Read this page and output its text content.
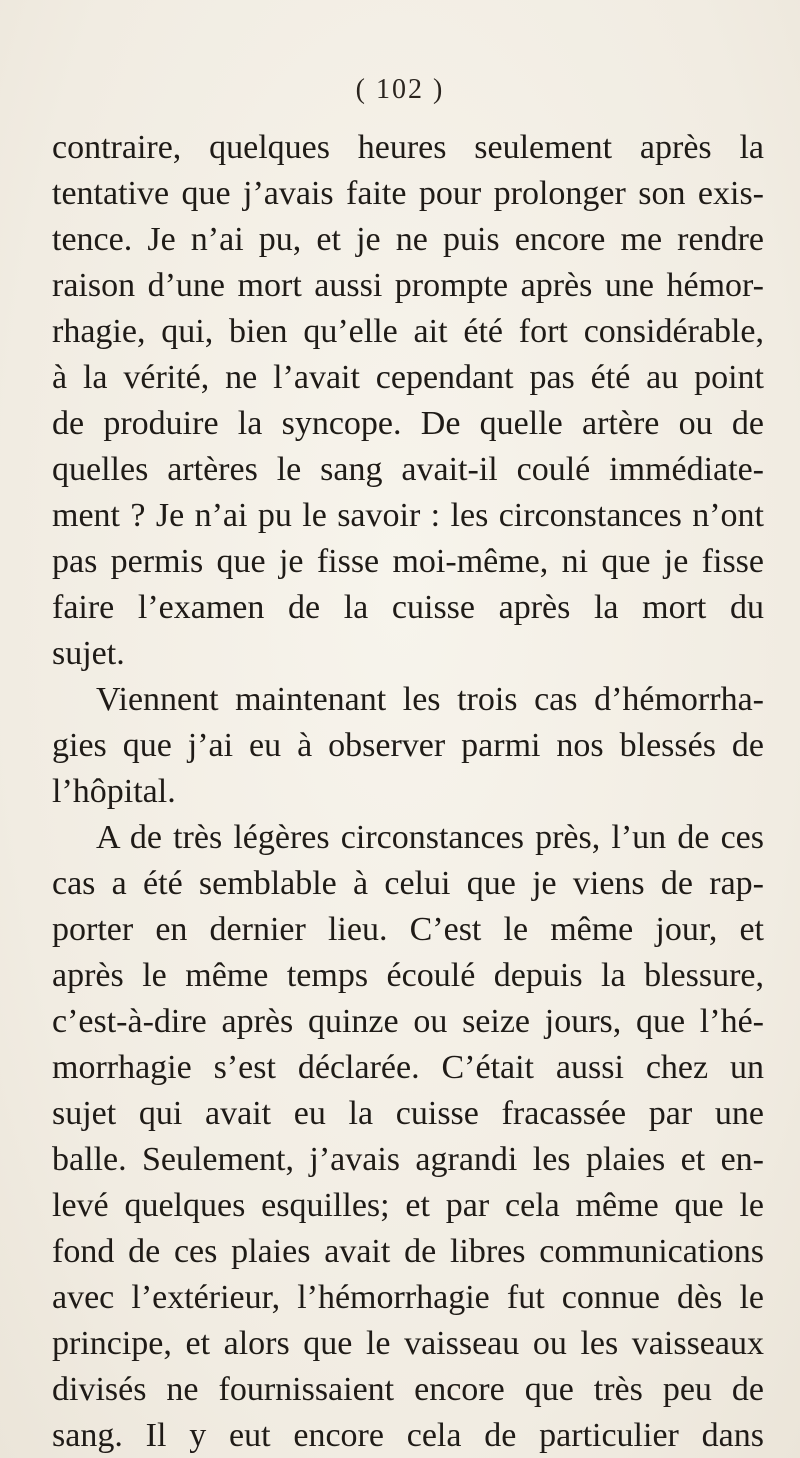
( 102 )
contraire, quelques heures seulement après la
tentative que j’avais faite pour prolonger son exis-
tence. Je n’ai pu, et je ne puis encore me rendre
raison d’une mort aussi prompte après une hémor-
rhagie, qui, bien qu’elle ait été fort considérable,
à la vérité, ne l’avait cependant pas été au point
de produire la syncope. De quelle artère ou de
quelles artères le sang avait-il coulé immédiate-
ment ? Je n’ai pu le savoir : les circonstances n’ont
pas permis que je fisse moi-même, ni que je fisse
faire l’examen de la cuisse après la mort du
sujet.
Viennent maintenant les trois cas d’hémorrha-
gies que j’ai eu à observer parmi nos blessés de
l’hôpital.
A de très légères circonstances près, l’un de ces
cas a été semblable à celui que je viens de rap-
porter en dernier lieu. C’est le même jour, et
après le même temps écoulé depuis la blessure,
c’est-à-dire après quinze ou seize jours, que l’hé-
morrhagie s’est déclarée. C’était aussi chez un
sujet qui avait eu la cuisse fracassée par une
balle. Seulement, j’avais agrandi les plaies et en-
levé quelques esquilles; et par cela même que le
fond de ces plaies avait de libres communications
avec l’extérieur, l’hémorrhagie fut connue dès le
principe, et alors que le vaisseau ou les vaisseaux
divisés ne fournissaient encore que très peu de
sang. Il y eut encore cela de particulier dans
